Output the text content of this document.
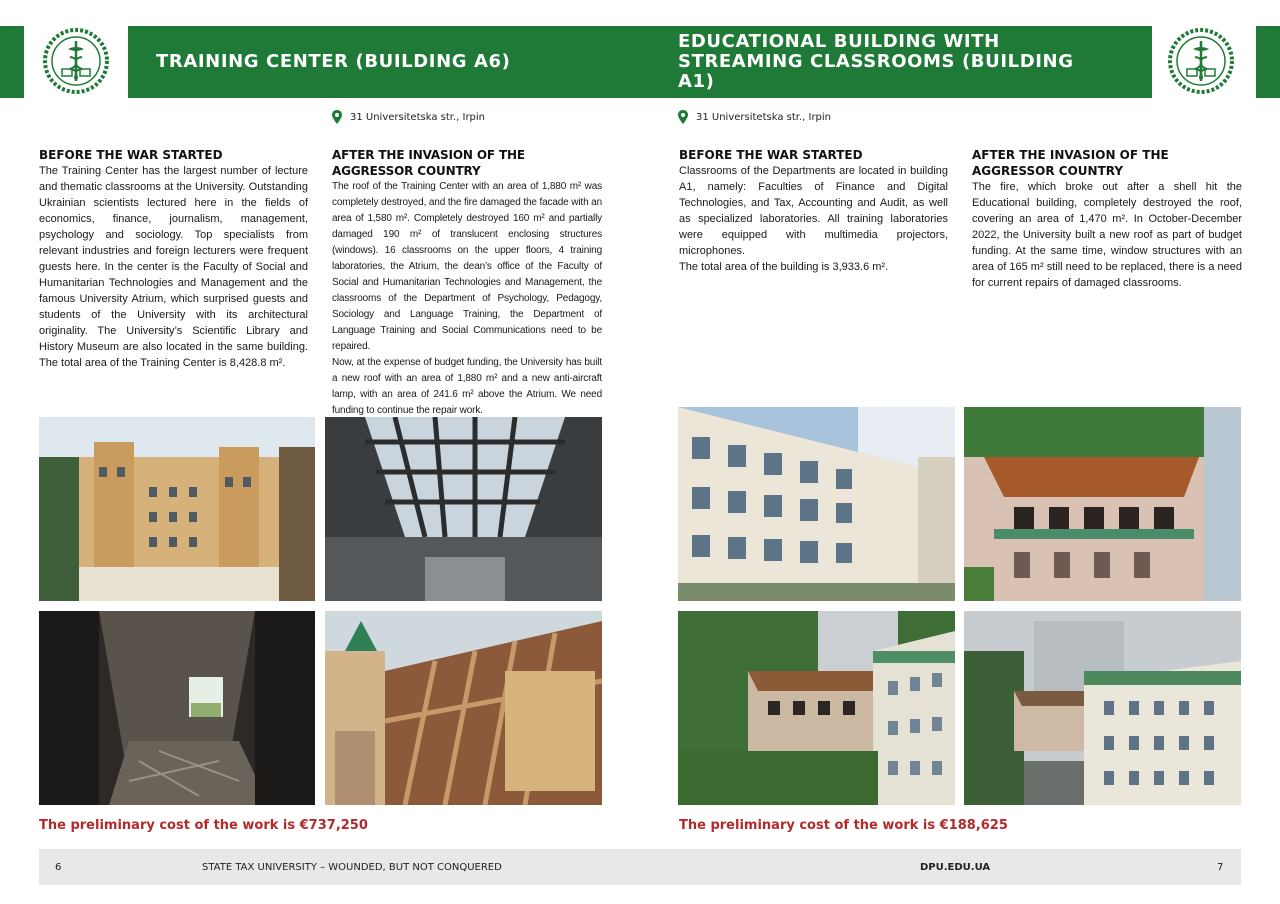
TRAINING CENTER (BUILDING A6)
EDUCATIONAL BUILDING WITH STREAMING CLASSROOMS (BUILDING A1)
31 Universitetska str., Irpin	31 Universitetska str., Irpin
BEFORE THE WAR STARTED

The Training Center has the largest number of lecture and thematic classrooms at the University. Outstanding Ukrainian scientists lectured here in the fields of economics, finance, journalism, management, psychology and sociology. Top specialists from relevant industries and foreign lecturers were frequent guests here. In the center is the Faculty of Social and Humanitarian Technologies and Management and the famous University Atrium, which surprised guests and students of the University with its architectural originality. The University’s Scientific Library and History Museum are also located in the same building. The total area of the Training Center is 8,428.8 m².

AFTER THE INVASION OF THE AGGRESSOR COUNTRY

The roof of the Training Center with an area of 1,880 m² was completely destroyed, and the fire damaged the facade with an area of 1,580 m². Completely destroyed 160 m² and partially damaged 190 m² of translucent enclosing structures (windows). 16 classrooms on the upper floors, 4 training laboratories, the Atrium, the dean’s office of the Faculty of Social and Humanitarian Technologies and Management, the classrooms of the Department of Psychology, Pedagogy, Sociology and Language Training, the Department of Language Training and Social Communications need to be repaired.

Now, at the expense of budget funding, the University has built a new roof with an area of 1,880 m² and a new anti-aircraft lamp, with an area of 241.6 m² above the Atrium. We need funding to continue the repair work.

BEFORE THE WAR STARTED

Classrooms of the Departments are located in building A1, namely: Faculties of Finance and Digital Technologies, and Tax, Accounting and Audit, as well as specialized laboratories. All training laboratories were equipped with multimedia projectors, microphones.

The total area of the building is 3,933.6 m².

AFTER THE INVASION OF THE AGGRESSOR COUNTRY

The fire, which broke out after a shell hit the Educational building, completely destroyed the roof, covering an area of 1,470 m². In October-December 2022, the University built a new roof as part of budget funding. At the same time, window structures with an area of 165 m² still need to be replaced, there is a need for current repairs of damaged classrooms.

The preliminary cost of the work is €737,250	The preliminary cost of the work is €188,625
6	STATE TAX UNIVERSITY – WOUNDED, BUT NOT CONQUERED	DPU.EDU.UA	7
